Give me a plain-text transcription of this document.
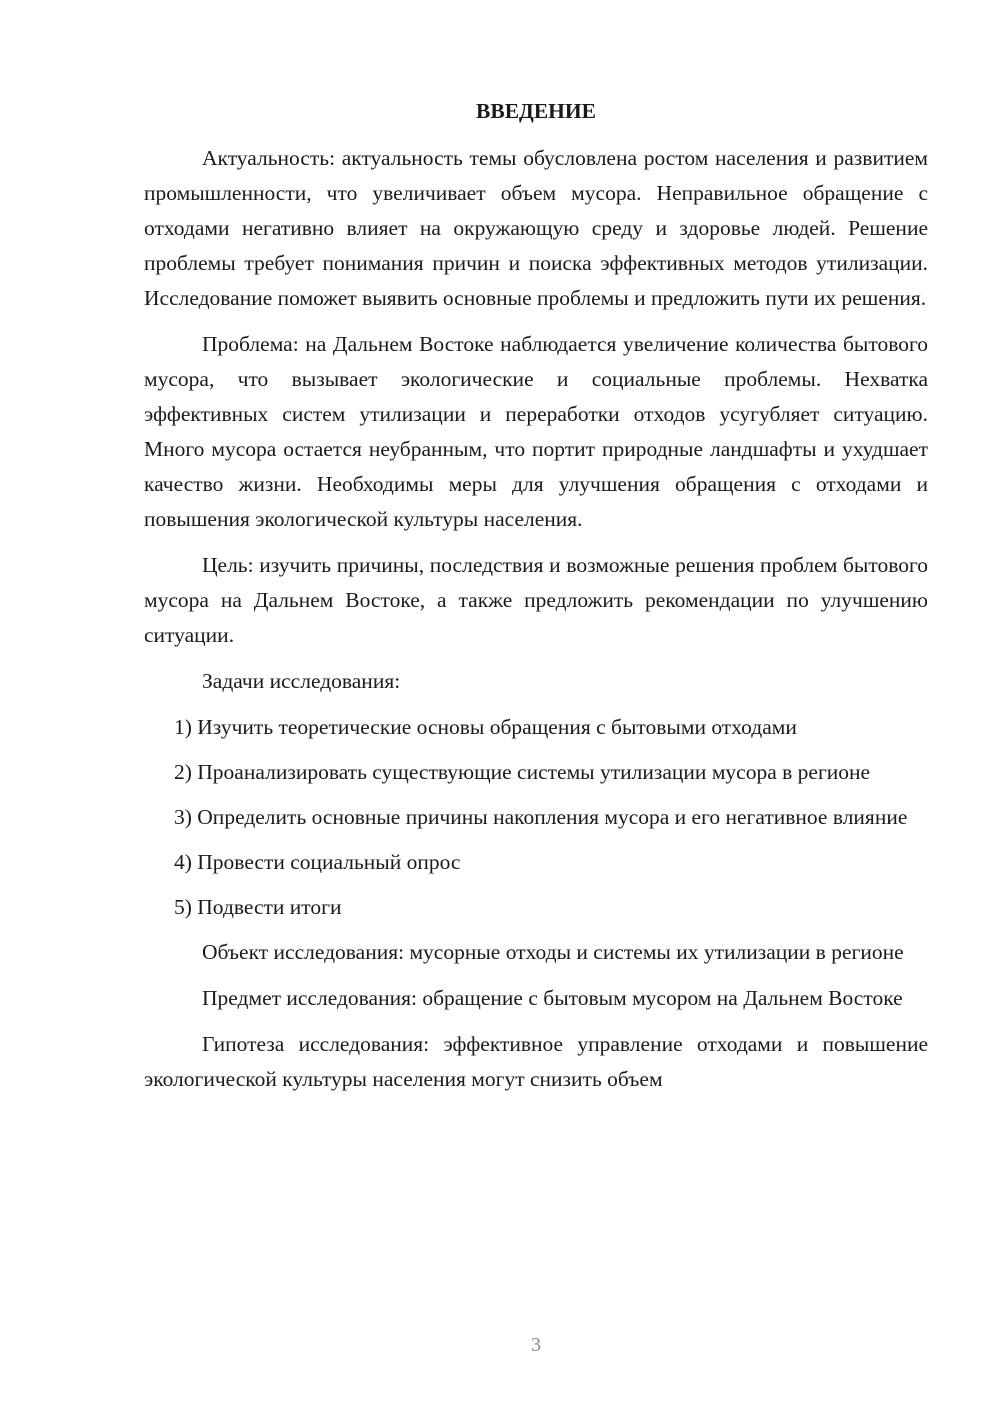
ВВЕДЕНИЕ

Актуальность: актуальность темы обусловлена ростом населения и развитием промышленности, что увеличивает объем мусора. Неправильное обращение с отходами негативно влияет на окружающую среду и здоровье людей. Решение проблемы требует понимания причин и поиска эффективных методов утилизации. Исследование поможет выявить основные проблемы и предложить пути их решения.

Проблема: на Дальнем Востоке наблюдается увеличение количества бытового мусора, что вызывает экологические и социальные проблемы. Нехватка эффективных систем утилизации и переработки отходов усугубляет ситуацию. Много мусора остается неубранным, что портит природные ландшафты и ухудшает качество жизни. Необходимы меры для улучшения обращения с отходами и повышения экологической культуры населения.

Цель: изучить причины, последствия и возможные решения проблем бытового мусора на Дальнем Востоке, а также предложить рекомендации по улучшению ситуации.

Задачи исследования:

1) Изучить теоретические основы обращения с бытовыми отходами

2) Проанализировать существующие системы утилизации мусора в регионе

3) Определить основные причины накопления мусора и его негативное влияние

4) Провести социальный опрос

5) Подвести итоги

Объект исследования: мусорные отходы и системы их утилизации в регионе

Предмет исследования: обращение с бытовым мусором на Дальнем Востоке

Гипотеза исследования: эффективное управление отходами и повышение экологической культуры населения могут снизить объем

3
